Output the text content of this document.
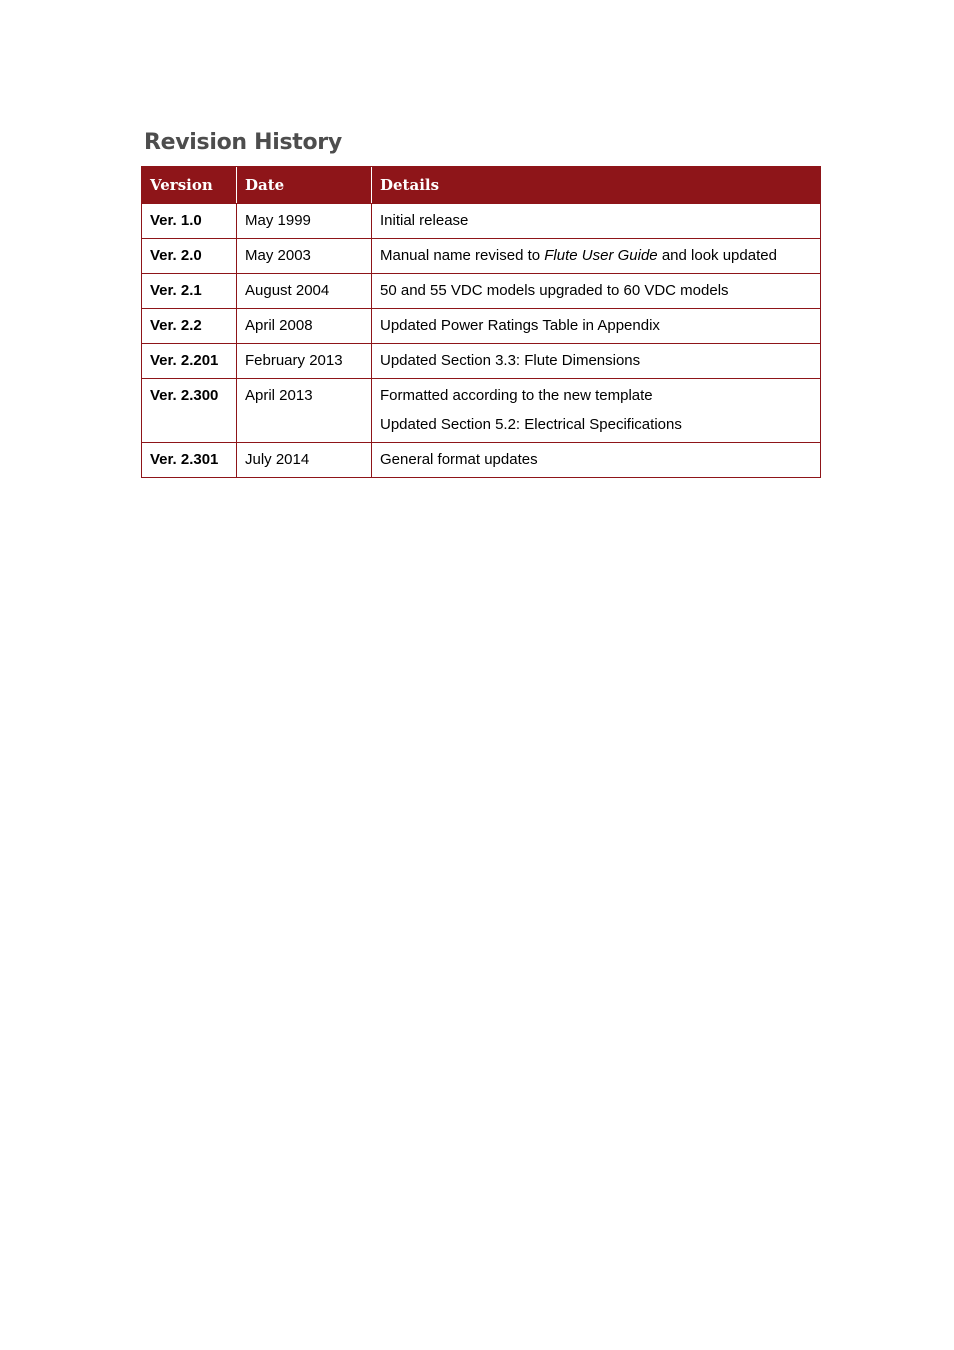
Revision History
Version	Date	Details
Ver. 1.0	May 1999	Initial release

Ver. 2.0	May 2003	Manual name revised to Flute User Guide and look updated

Ver. 2.1	August 2004	50 and 55 VDC models upgraded to 60 VDC models

Ver. 2.2	April 2008	Updated Power Ratings Table in Appendix

Ver. 2.201	February 2013	Updated Section 3.3: Flute Dimensions

Ver. 2.300	April 2013	Formatted according to the new template
Updated Section 5.2: Electrical Specifications

Ver. 2.301	July 2014	General format updates
